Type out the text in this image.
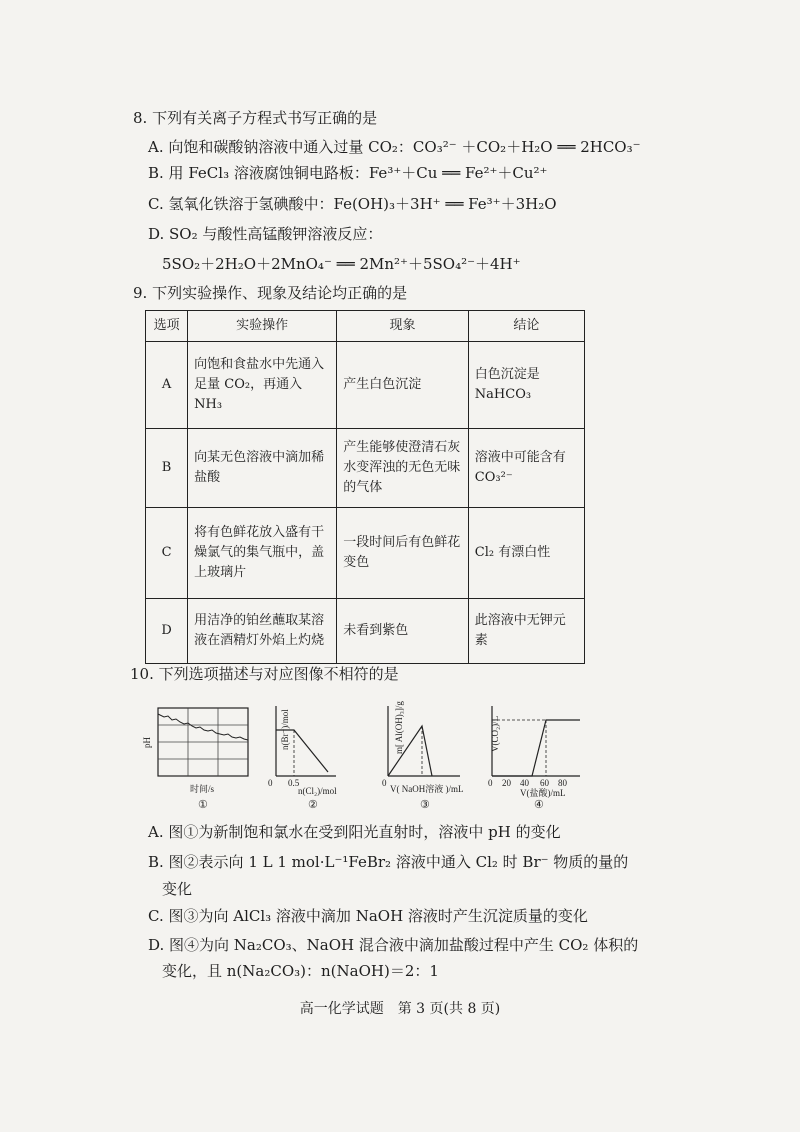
8. 下列有关离子方程式书写正确的是
A. 向饱和碳酸钠溶液中通入过量 CO₂：CO₃²⁻ ＋CO₂＋H₂O ══ 2HCO₃⁻
B. 用 FeCl₃ 溶液腐蚀铜电路板：Fe³⁺＋Cu ══ Fe²⁺＋Cu²⁺
C. 氢氧化铁溶于氢碘酸中：Fe(OH)₃＋3H⁺ ══ Fe³⁺＋3H₂O
D. SO₂ 与酸性高锰酸钾溶液反应：
5SO₂＋2H₂O＋2MnO₄⁻ ══ 2Mn²⁺＋5SO₄²⁻＋4H⁺
9. 下列实验操作、现象及结论均正确的是
选项	实验操作	现象	结论
A	向饱和食盐水中先通入足量 CO₂，再通入 NH₃	产生白色沉淀	白色沉淀是 NaHCO₃
B	向某无色溶液中滴加稀盐酸	产生能够使澄清石灰水变浑浊的无色无味的气体	溶液中可能含有 CO₃²⁻
C	将有色鲜花放入盛有干燥氯气的集气瓶中，盖上玻璃片	一段时间后有色鲜花变色	Cl₂ 有漂白性
D	用洁净的铂丝蘸取某溶液在酒精灯外焰上灼烧	未看到紫色	此溶液中无钾元素
10. 下列选项描述与对应图像不相符的是
pH
时间/s
①
0 0.5
n(Br⁻)/mol
n(Cl₂)/mol
②
0
m[ Al(OH)₃]/g
V( NaOH溶液 )/mL
③
0 20 40 60 80
V(CO₂)/L
V(盐酸)/mL
④
A. 图①为新制饱和氯水在受到阳光直射时，溶液中 pH 的变化
B. 图②表示向 1 L 1 mol·L⁻¹FeBr₂ 溶液中通入 Cl₂ 时 Br⁻ 物质的量的
变化
C. 图③为向 AlCl₃ 溶液中滴加 NaOH 溶液时产生沉淀质量的变化
D. 图④为向 Na₂CO₃、NaOH 混合液中滴加盐酸过程中产生 CO₂ 体积的
变化，且 n(Na₂CO₃)：n(NaOH)＝2：1
高一化学试题　第 3 页(共 8 页)
